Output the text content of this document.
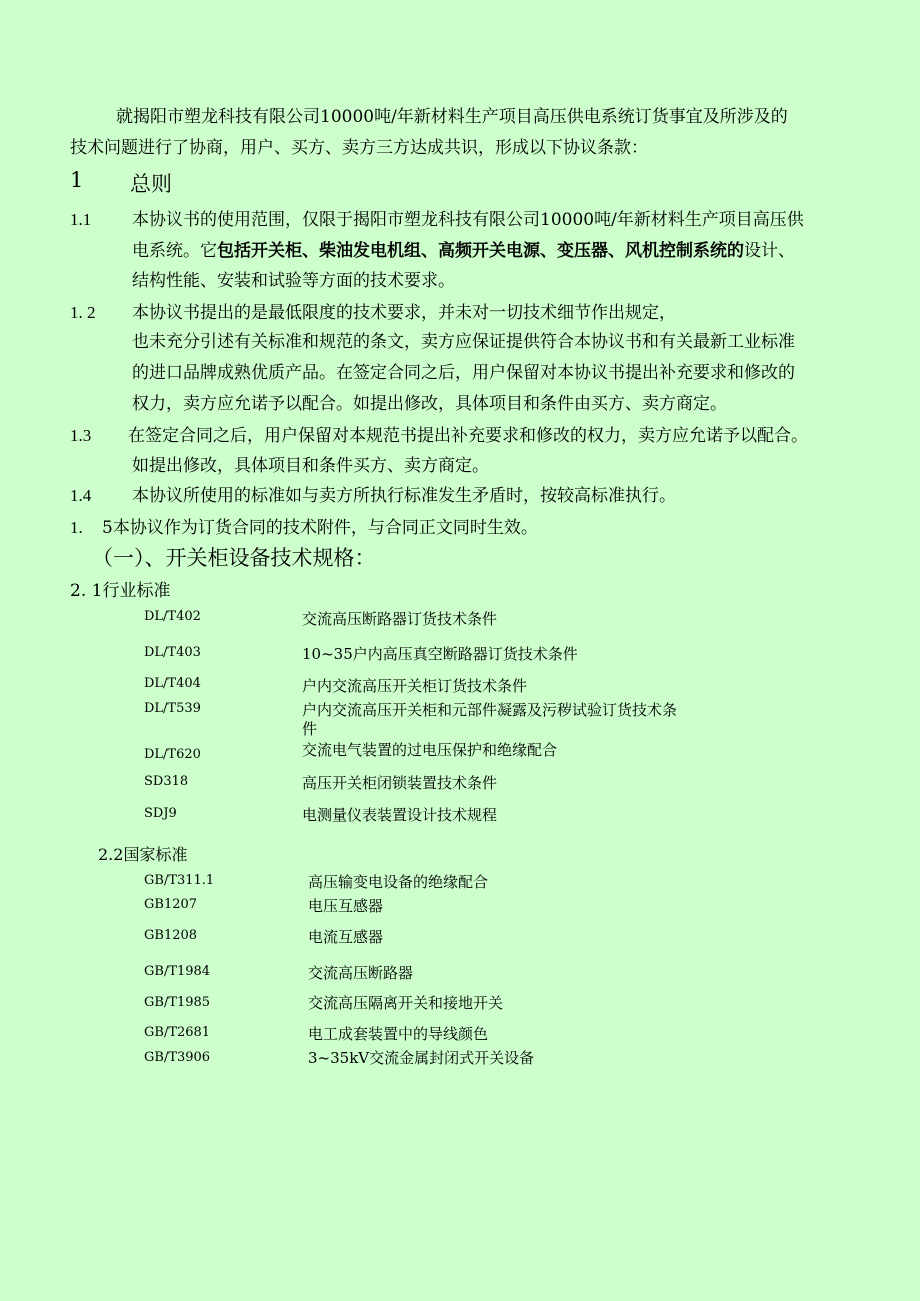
就揭阳市塑龙科技有限公司10000吨/年新材料生产项目高压供电系统订货事宜及所涉及的
技术问题进行了协商，用户、买方、卖方三方达成共识，形成以下协议条款：
1 总则
1.1 本协议书的使用范围，仅限于揭阳市塑龙科技有限公司10000吨/年新材料生产项目高压供
电系统。它包括开关柜、柴油发电机组、高频开关电源、变压器、风机控制系统的设计、
结构性能、安装和试验等方面的技术要求。
1. 2 本协议书提出的是最低限度的技术要求，并未对一切技术细节作出规定，
也未充分引述有关标准和规范的条文，卖方应保证提供符合本协议书和有关最新工业标准
的进口品牌成熟优质产品。在签定合同之后，用户保留对本协议书提出补充要求和修改的
权力，卖方应允诺予以配合。如提出修改，具体项目和条件由买方、卖方商定。
1.3 在签定合同之后，用户保留对本规范书提出补充要求和修改的权力，卖方应允诺予以配合。
如提出修改，具体项目和条件买方、卖方商定。
1.4 本协议所使用的标准如与卖方所执行标准发生矛盾时，按较高标准执行。
1. 5本协议作为订货合同的技术附件，与合同正文同时生效。
（一）、开关柜设备技术规格：
2. 1行业标准
DL/T402	交流高压断路器订货技术条件
DL/T403	10~35户内高压真空断路器订货技术条件
DL/T404	户内交流高压开关柜订货技术条件
DL/T539	户内交流高压开关柜和元部件凝露及污秽试验订货技术条
件
DL/T620	交流电气装置的过电压保护和绝缘配合
SD318	高压开关柜闭锁装置技术条件
SDJ9	电测量仪表装置设计技术规程
2.2国家标准
GB/T311.1	高压输变电设备的绝缘配合
GB1207	电压互感器
GB1208	电流互感器
GB/T1984	交流高压断路器
GB/T1985	交流高压隔离开关和接地开关
GB/T2681	电工成套装置中的导线颜色
GB/T3906	3~35kV交流金属封闭式开关设备
